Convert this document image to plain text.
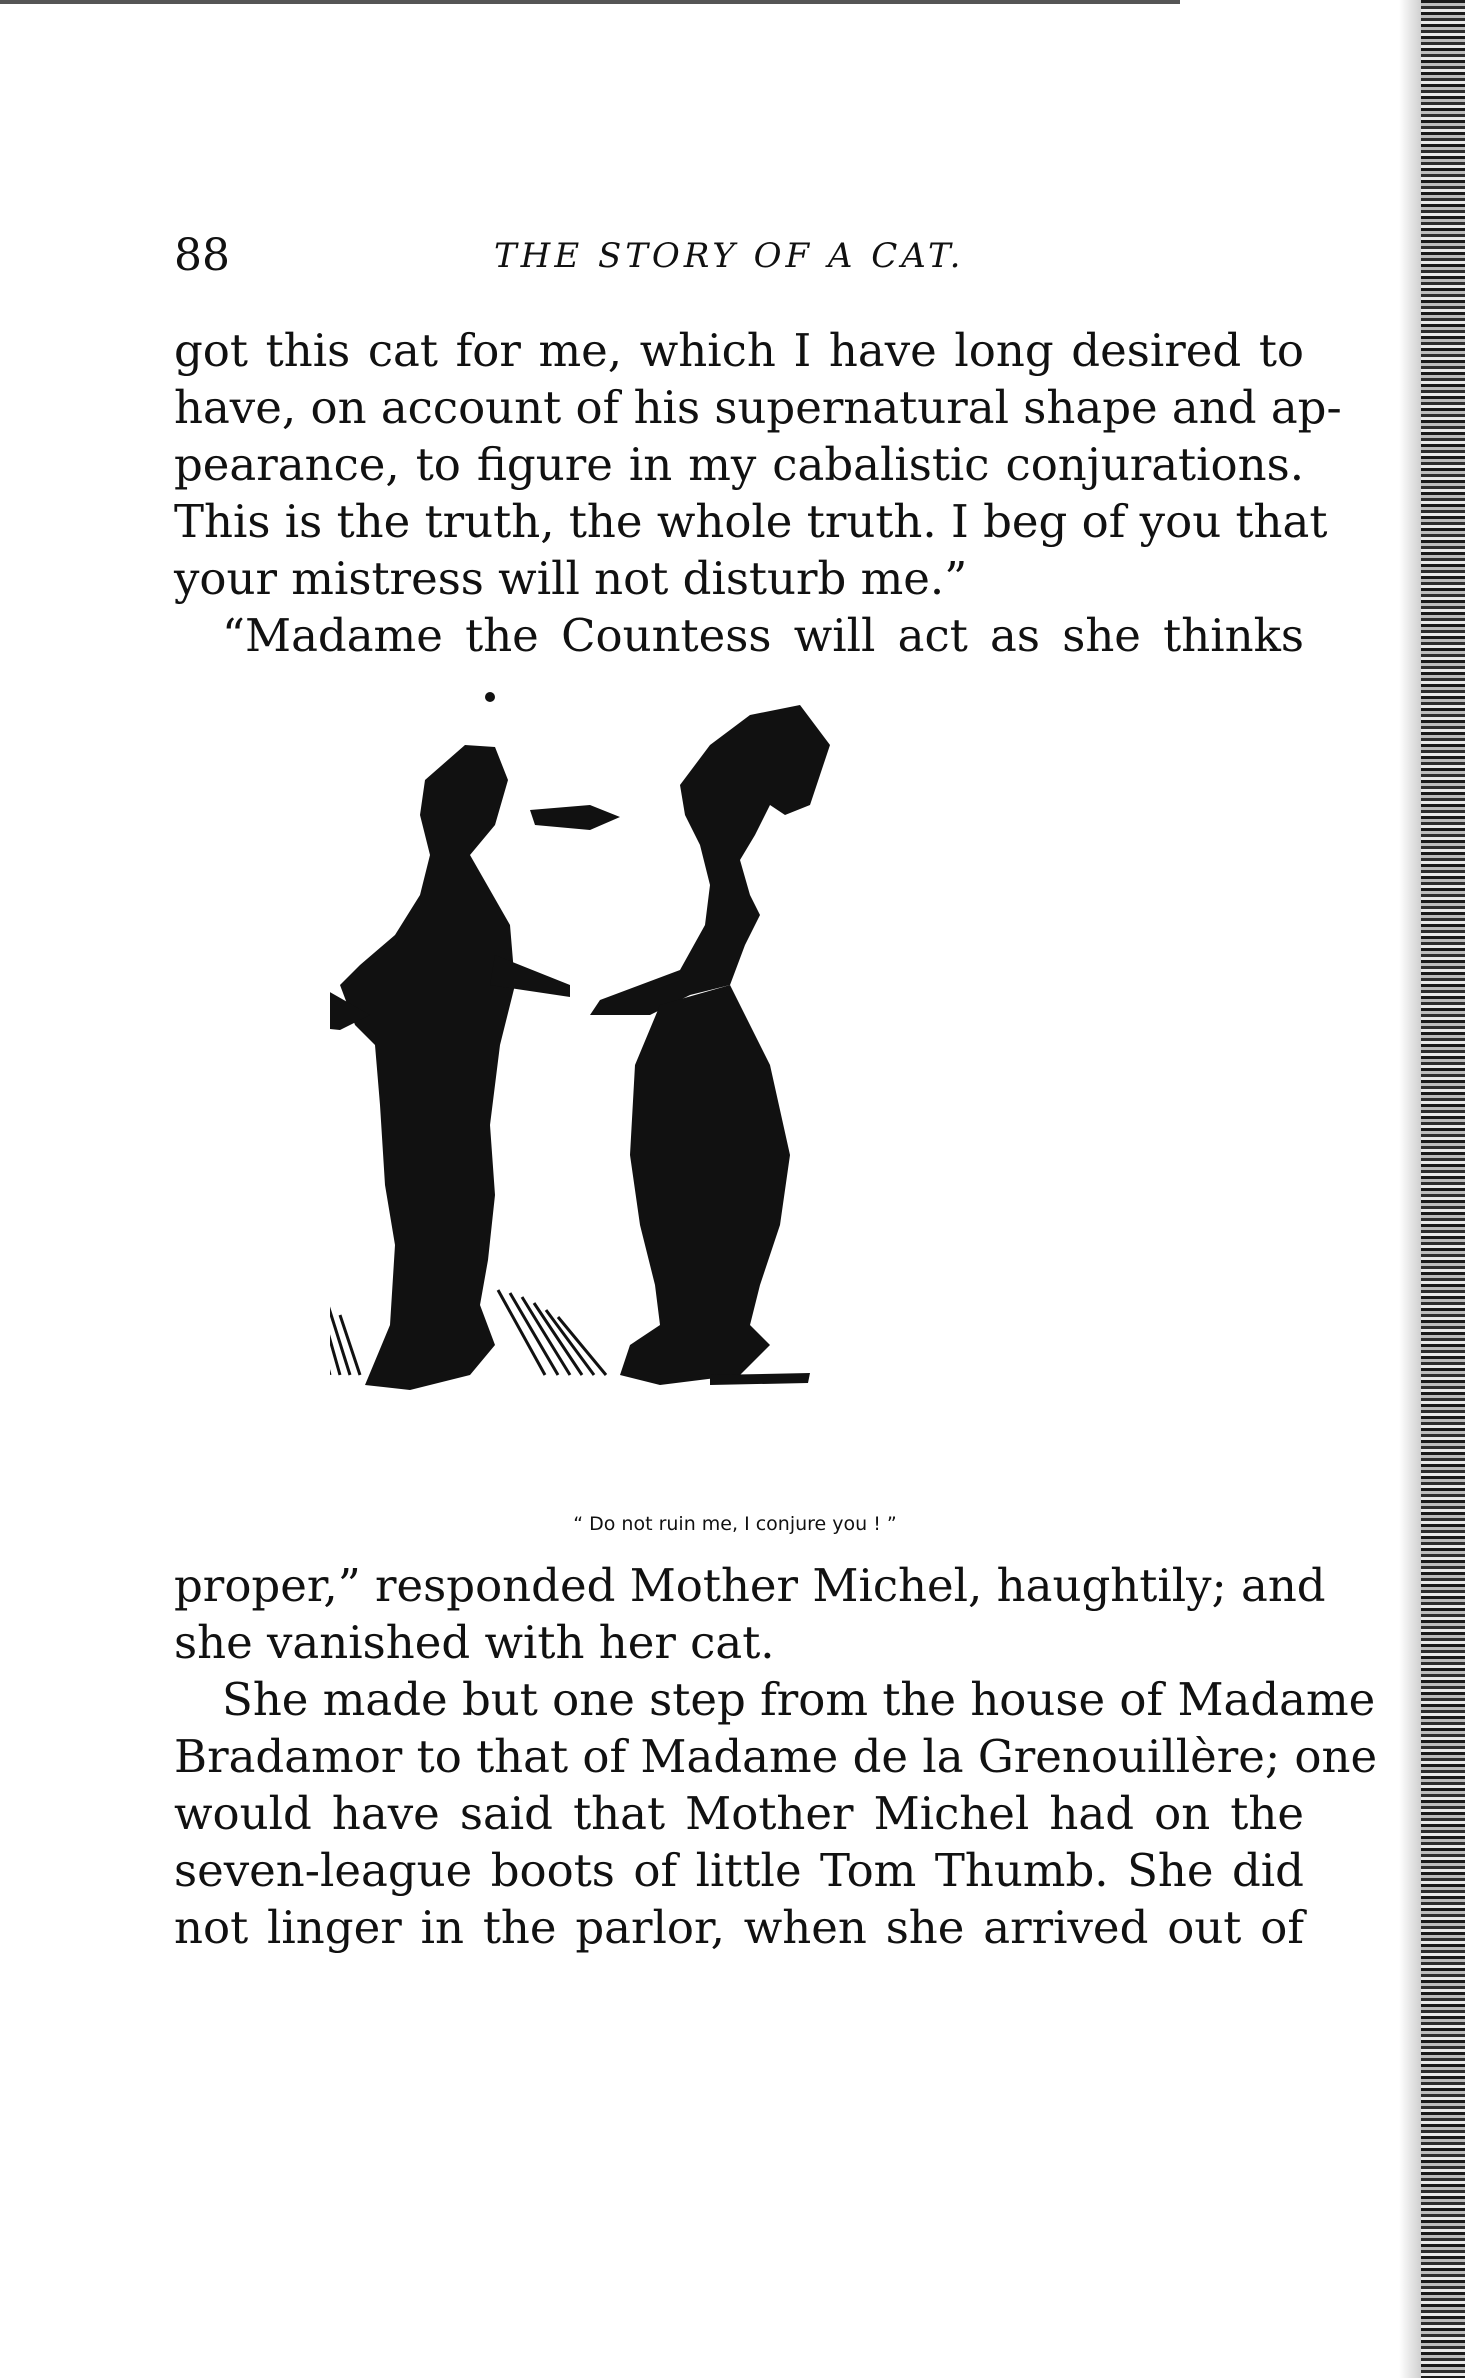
88	THE STORY OF A CAT.
got this cat for me, which I have long desired to
have, on account of his supernatural shape and ap-
pearance, to figure in my cabalistic conjurations.
This is the truth, the whole truth. I beg of you that
your mistress will not disturb me.”
“Madame the Countess will act as she thinks
“ Do not ruin me, I conjure you ! ”
proper,” responded Mother Michel, haughtily; and
she vanished with her cat.
She made but one step from the house of Madame
Bradamor to that of Madame de la Grenouillère; one
would have said that Mother Michel had on the
seven-league boots of little Tom Thumb. She did
not linger in the parlor, when she arrived out of
